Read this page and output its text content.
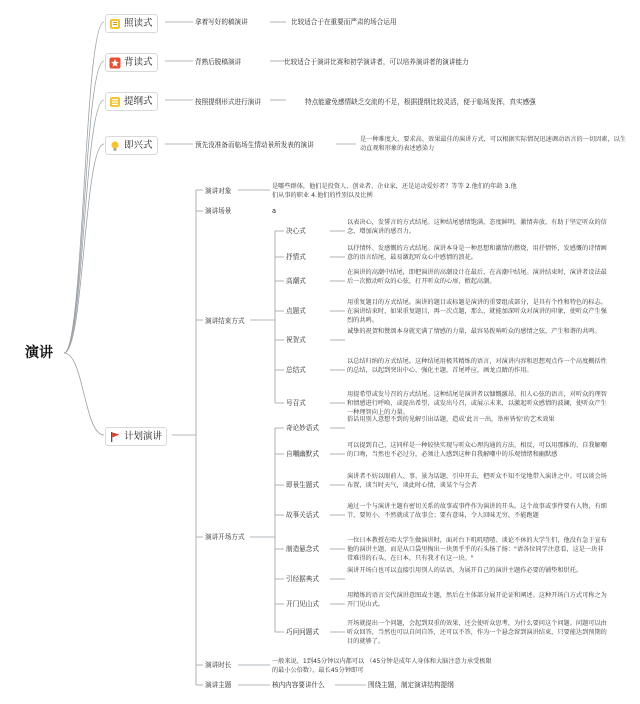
演讲
照读式	拿着写好的稿演讲	比较适合于在重要而严肃的场合运用
背读式	背熟后脱稿演讲	比较适合于演讲比赛和初学演讲者，可以培养演讲者的演讲能力
提纲式	按照提纲形式进行演讲	特点能避免感情缺乏交流的不足，根据提纲比较灵活，便于临场发挥，真实感强
即兴式	预先没准备而临场生情动景所发表的演讲
是一种难度大、要求高、效果最佳的演讲方式，可以根据实际情况迅速调动语言的一切因素，以生动直观和形象的表述感染力
计划演讲
演讲对象
是哪些群体，他们是投资人、创业者、企业家，还是运动爱好者？等等 2.他们的年龄 3.他们从事的职业 4.他们的性别以及比例
演讲场景	a
演讲结束方式
决心式
以表决心，发誓言的方式结尾。这种结尾感情饱满，态度鲜明，激情奔放，有助于坚定听众的信念，增加演讲的感召力。
抒情式
以抒情怀、发感慨的方式结尾。演讲本身是一种思想和激情的燃烧，用抒情怀，发感慨的诗情画意的语言结尾，最易激起听众心中感情的浪花。
高潮式
在演讲的高潮中结尾，即把演讲的高潮设计在最后，在高潮中结尾。演讲结束时，演讲者设法最后一次掀动听众的心弦，打开听众的心扉，掀起高潮。
点题式
用重复题目的方式结尾。演讲的题目或标题是演讲的重要组成部分，是具有个性和特色的标志。在演讲结束时，如果重复题目，再一次点题，那么，就能加深听众对演讲的印象，使听众产生强烈的共鸣。
祝贺式
诚挚的祝贺和赞颂本身就充满了情感的力量，最容易拨响听众的感情之弦，产生和谐的共鸣。
总结式
以总结归纳的方式结尾。这种结尾用极其精炼的语言，对演讲内容和思想观点作一个高度概括性的总结，以起到突出中心，强化主题，首尾呼应，画龙点睛的作用。
号召式
用提希望或发号召的方式结尾。这种结尾是演讲者以慷慨激昂、扣人心弦的语言，对听众的理智和情感进行呼唤，或提出希望，或发出号召，或展示未来，以激起听众感情的波澜，使听众产生一种理智向上的力量。
演讲开场方式
奇论妙语式
俗话用别人意想不到的见解引出话题，造成'此言一出，举座皆惊'的艺术效果
自嘲幽默式
可以提到自己，这同样是一种较快实现与听众心理沟通的方法，相反，可以用那推的、自我解嘲的口吻，当然也不必过分，必须让人感到这种自我解嘲中的乐观情绪和幽默感
即景生题式
演讲者不妨以眼前人、事、景为话题，引申开去，把听众不知不觉地带入演讲之中。可以谈会场布置，谈当时天气，谈此时心情，谈某个与会者
故事关话式
通过一个与演讲主题有密切关系的故事或事件作为演讲的开头。这个故事或事件要有人物，有细节，要短小，不然就成了故事会；要有意味，令人回味无穷，不能跑题
制造悬念式
一位日本教授在哈大学生做演讲时，面对台下叽叽喳喳、谈论不休的大学生们，他没有急于宣布他的演讲主题，而是从口袋里掏出一块黑乎乎的石头扬了扬："请各位同学注意看，这是一块非常难得的石头，在日本，只有我才有这一块。"
引经据典式
演讲开场白也可以直接引用别人的话语，为展开自己的演讲主题作必要的铺垫和烘托。
开门见山式
用精炼的语言交代演讲意图或主题，然后在主体部分展开论证和阐述。这种开场白方式可称之为开门见山式。
巧问问题式
开场就提出一个问题，会起到双重的效果，还会使听众思考，为什么要问这个问题。问题可以由听众回答，当然也可以自问自答，还可以不答，作为一个悬念留到演讲结束，只要能达到预期的目的就够了。
演讲时长	一般来说，1到45分钟以内都可以 （45分钟是成年人身体和大脑注意力承受极限的最小公倍数），最长45分钟即可
演讲主题	核内内容要讲什么	围绕主题，制定演讲结构提纲
